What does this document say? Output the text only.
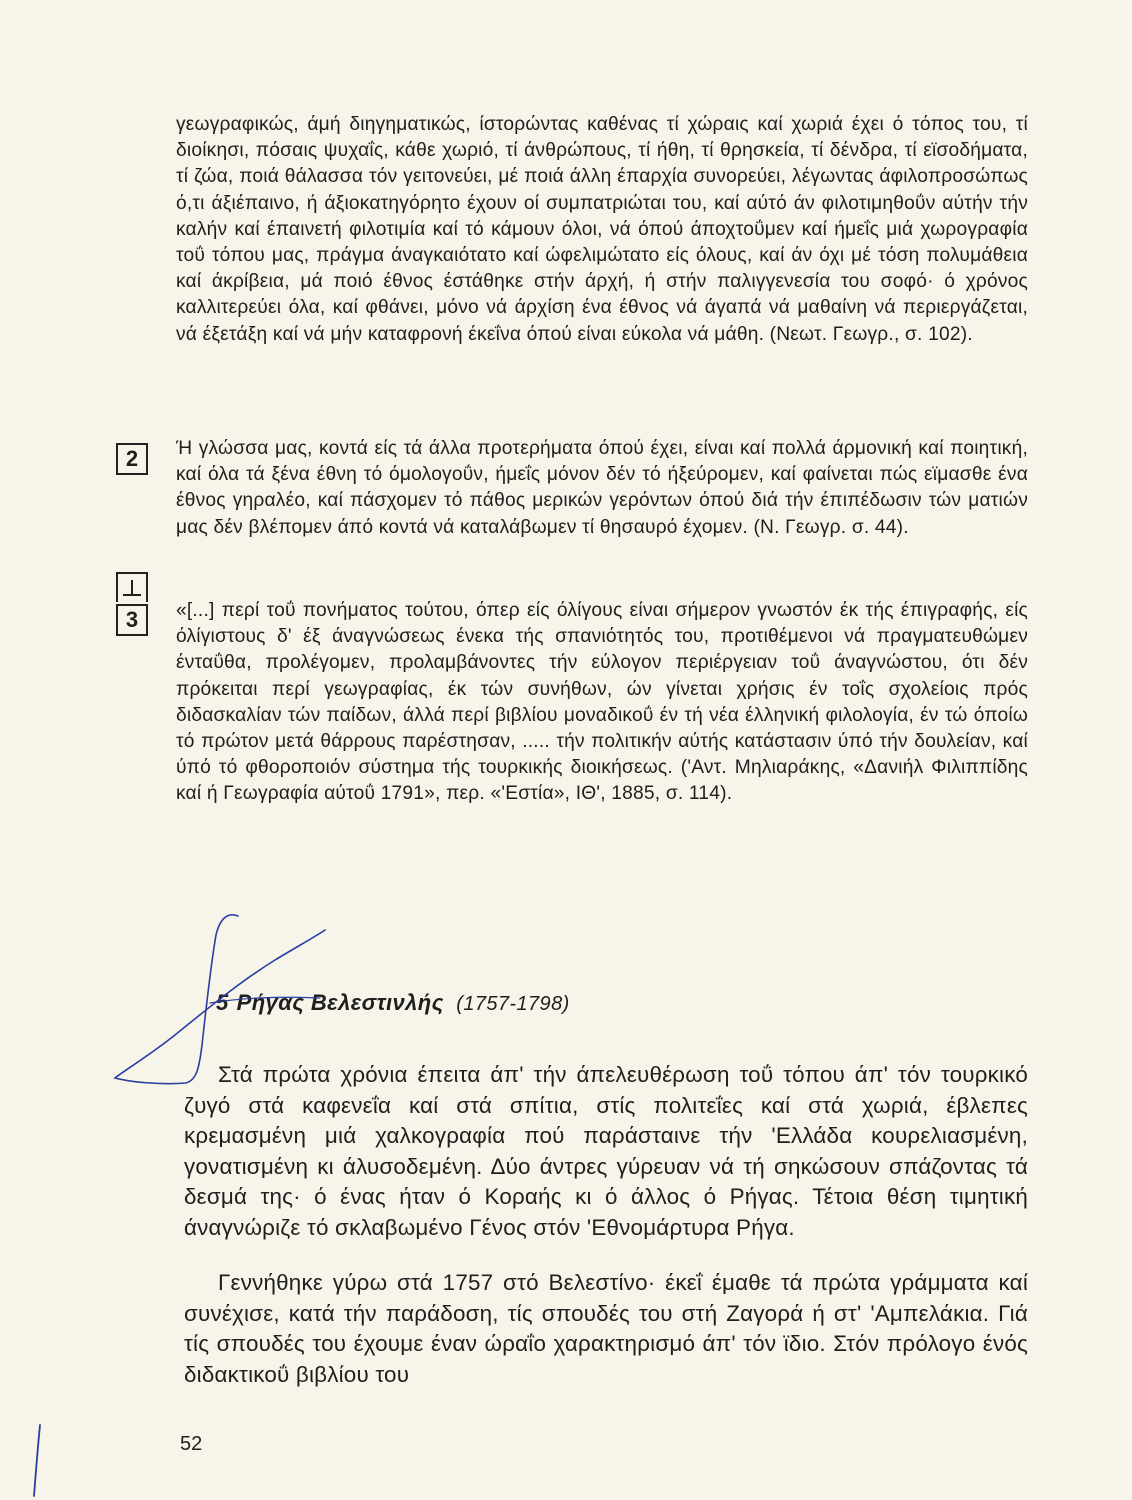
γεωγραφικώς, άμή διηγηματικώς, ίστορώντας καθένας τί χώραις καί χωριά έχει ό τόπος του, τί διοίκησι, πόσαις ψυχαΐς, κάθε χωριό, τί άνθρώπους, τί ήθη, τί θρησκεία, τί δένδρα, τί εϊσοδήματα, τί ζώα, ποιά θάλασσα τόν γειτονεύει, μέ ποιά άλλη έπαρχία συνορεύει, λέγωντας άφιλοπροσώπως ό,τι άξιέπαινο, ή άξιοκατηγόρητο έχουν οί συμπατριώται του, καί αύτό άν φιλοτιμηθοΰν αύτήν τήν καλήν καί έπαινετή φιλοτιμία καί τό κάμουν όλοι, νά όπού άποχτοΰμεν καί ήμεΐς μιά χωρογραφία τοΰ τόπου μας, πράγμα άναγκαιότατο καί ώφελιμώτατο είς όλους, καί άν όχι μέ τόση πολυμάθεια καί άκρίβεια, μά ποιό έθνος έστάθηκε στήν άρχή, ή στήν παλιγγενεσία του σοφό· ό χρόνος καλλιτερεύει όλα, καί φθάνει, μόνο νά άρχίση ένα έθνος νά άγαπά νά μαθαίνη νά περιεργάζεται, νά έξετάξη καί νά μήν καταφρονή έκεΐνα όπού είναι εύκολα νά μάθη. (Νεωτ. Γεωγρ., σ. 102).

2	Ή γλώσσα μας, κοντά είς τά άλλα προτερήματα όπού έχει, είναι καί πολλά άρμονική καί ποιητική, καί όλα τά ξένα έθνη τό όμολογοΰν, ήμεΐς μόνον δέν τό ήξεύρομεν, καί φαίνεται πώς εϊμασθε ένα έθνος γηραλέο, καί πάσχομεν τό πάθος μερικών γερόντων όπού διά τήν έπιπέδωσιν τών ματιών μας δέν βλέπομεν άπό κοντά νά καταλάβωμεν τί θησαυρό έχομεν. (Ν. Γεωγρ. σ. 44).

3	«[...] περί τοΰ πονήματος τούτου, όπερ είς όλίγους είναι σήμερον γνωστόν έκ τής έπιγραφής, είς όλίγιστους δ' έξ άναγνώσεως ένεκα τής σπανιότητός του, προτιθέμενοι νά πραγματευθώμεν ένταΰθα, προλέγομεν, προλαμβάνοντες τήν εύλογον περιέργειαν τοΰ άναγνώστου, ότι δέν πρόκειται περί γεωγραφίας, έκ τών συνήθων, ών γίνεται χρήσις έν τοΐς σχολείοις πρός διδασκαλίαν τών παίδων, άλλά περί βιβλίου μοναδικοΰ έν τή νέα έλληνική φιλολογία, έν τώ όποίω τό πρώτον μετά θάρρους παρέστησαν, ..... τήν πολιτικήν αύτής κατάστασιν ύπό τήν δουλείαν, καί ύπό τό φθοροποιόν σύστημα τής τουρκικής διοικήσεως. ('Αντ. Μηλιαράκης, «Δανιήλ Φιλιππίδης καί ή Γεωγραφία αύτοΰ 1791», περ. «'Εστία», ΙΘ', 1885, σ. 114).

5 Ρήγας Βελεστινλής (1757-1798)

Στά πρώτα χρόνια έπειτα άπ' τήν άπελευθέρωση τοΰ τόπου άπ' τόν τουρκικό ζυγό στά καφενεΐα καί στά σπίτια, στίς πολιτεΐες καί στά χωριά, έβλεπες κρεμασμένη μιά χαλκογραφία πού παράσταινε τήν 'Ελλάδα κουρελιασμένη, γονατισμένη κι άλυσοδεμένη. Δύο άντρες γύρευαν νά τή σηκώσουν σπάζοντας τά δεσμά της· ό ένας ήταν ό Κοραής κι ό άλλος ό Ρήγας. Τέτοια θέση τιμητική άναγνώριζε τό σκλαβωμένο Γένος στόν 'Εθνομάρτυρα Ρήγα.

Γεννήθηκε γύρω στά 1757 στό Βελεστίνο· έκεΐ έμαθε τά πρώτα γράμματα καί συνέχισε, κατά τήν παράδοση, τίς σπουδές του στή Ζαγορά ή στ' 'Αμπελάκια. Γιά τίς σπουδές του έχουμε έναν ώραΐο χαρακτηρισμό άπ' τόν ϊδιο. Στόν πρόλογο ένός διδακτικοΰ βιβλίου του

52
